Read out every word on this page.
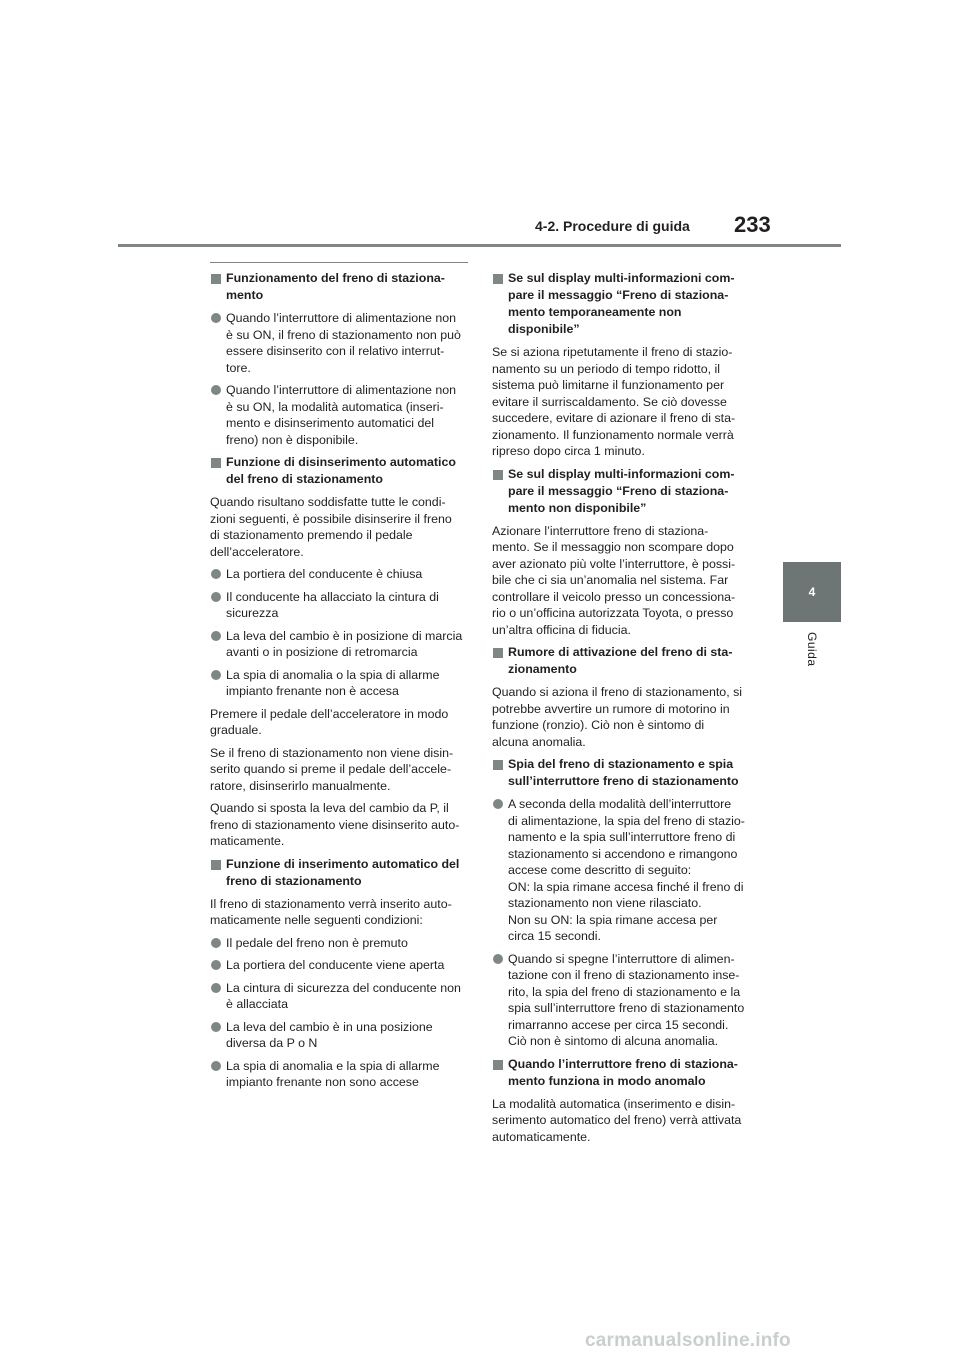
4-2. Procedure di guida 233
4
Guida
Funzionamento del freno di staziona-
mento
Quando l’interruttore di alimentazione non
è su ON, il freno di stazionamento non può
essere disinserito con il relativo interrut-
tore.
Quando l’interruttore di alimentazione non
è su ON, la modalità automatica (inseri-
mento e disinserimento automatici del
freno) non è disponibile.
Funzione di disinserimento automatico
del freno di stazionamento
Quando risultano soddisfatte tutte le condi-
zioni seguenti, è possibile disinserire il freno
di stazionamento premendo il pedale
dell’acceleratore.
La portiera del conducente è chiusa
Il conducente ha allacciato la cintura di
sicurezza
La leva del cambio è in posizione di marcia
avanti o in posizione di retromarcia
La spia di anomalia o la spia di allarme
impianto frenante non è accesa
Premere il pedale dell’acceleratore in modo
graduale.
Se il freno di stazionamento non viene disin-
serito quando si preme il pedale dell’accele-
ratore, disinserirlo manualmente.
Quando si sposta la leva del cambio da P, il
freno di stazionamento viene disinserito auto-
maticamente.
Funzione di inserimento automatico del
freno di stazionamento
Il freno di stazionamento verrà inserito auto-
maticamente nelle seguenti condizioni:
Il pedale del freno non è premuto
La portiera del conducente viene aperta
La cintura di sicurezza del conducente non
è allacciata
La leva del cambio è in una posizione
diversa da P o N
La spia di anomalia e la spia di allarme
impianto frenante non sono accese
Se sul display multi-informazioni com-
pare il messaggio “Freno di staziona-
mento temporaneamente non
disponibile”
Se si aziona ripetutamente il freno di stazio-
namento su un periodo di tempo ridotto, il
sistema può limitarne il funzionamento per
evitare il surriscaldamento. Se ciò dovesse
succedere, evitare di azionare il freno di sta-
zionamento. Il funzionamento normale verrà
ripreso dopo circa 1 minuto.
Se sul display multi-informazioni com-
pare il messaggio “Freno di staziona-
mento non disponibile”
Azionare l’interruttore freno di staziona-
mento. Se il messaggio non scompare dopo
aver azionato più volte l’interruttore, è possi-
bile che ci sia un’anomalia nel sistema. Far
controllare il veicolo presso un concessiona-
rio o un’officina autorizzata Toyota, o presso
un’altra officina di fiducia.
Rumore di attivazione del freno di sta-
zionamento
Quando si aziona il freno di stazionamento, si
potrebbe avvertire un rumore di motorino in
funzione (ronzio). Ciò non è sintomo di
alcuna anomalia.
Spia del freno di stazionamento e spia
sull’interruttore freno di stazionamento
A seconda della modalità dell’interruttore
di alimentazione, la spia del freno di stazio-
namento e la spia sull’interruttore freno di
stazionamento si accendono e rimangono
accese come descritto di seguito:
ON: la spia rimane accesa finché il freno di
stazionamento non viene rilasciato.
Non su ON: la spia rimane accesa per
circa 15 secondi.
Quando si spegne l’interruttore di alimen-
tazione con il freno di stazionamento inse-
rito, la spia del freno di stazionamento e la
spia sull’interruttore freno di stazionamento
rimarranno accese per circa 15 secondi.
Ciò non è sintomo di alcuna anomalia.
Quando l’interruttore freno di staziona-
mento funziona in modo anomalo
La modalità automatica (inserimento e disin-
serimento automatico del freno) verrà attivata
automaticamente.
carmanualsonline.info
